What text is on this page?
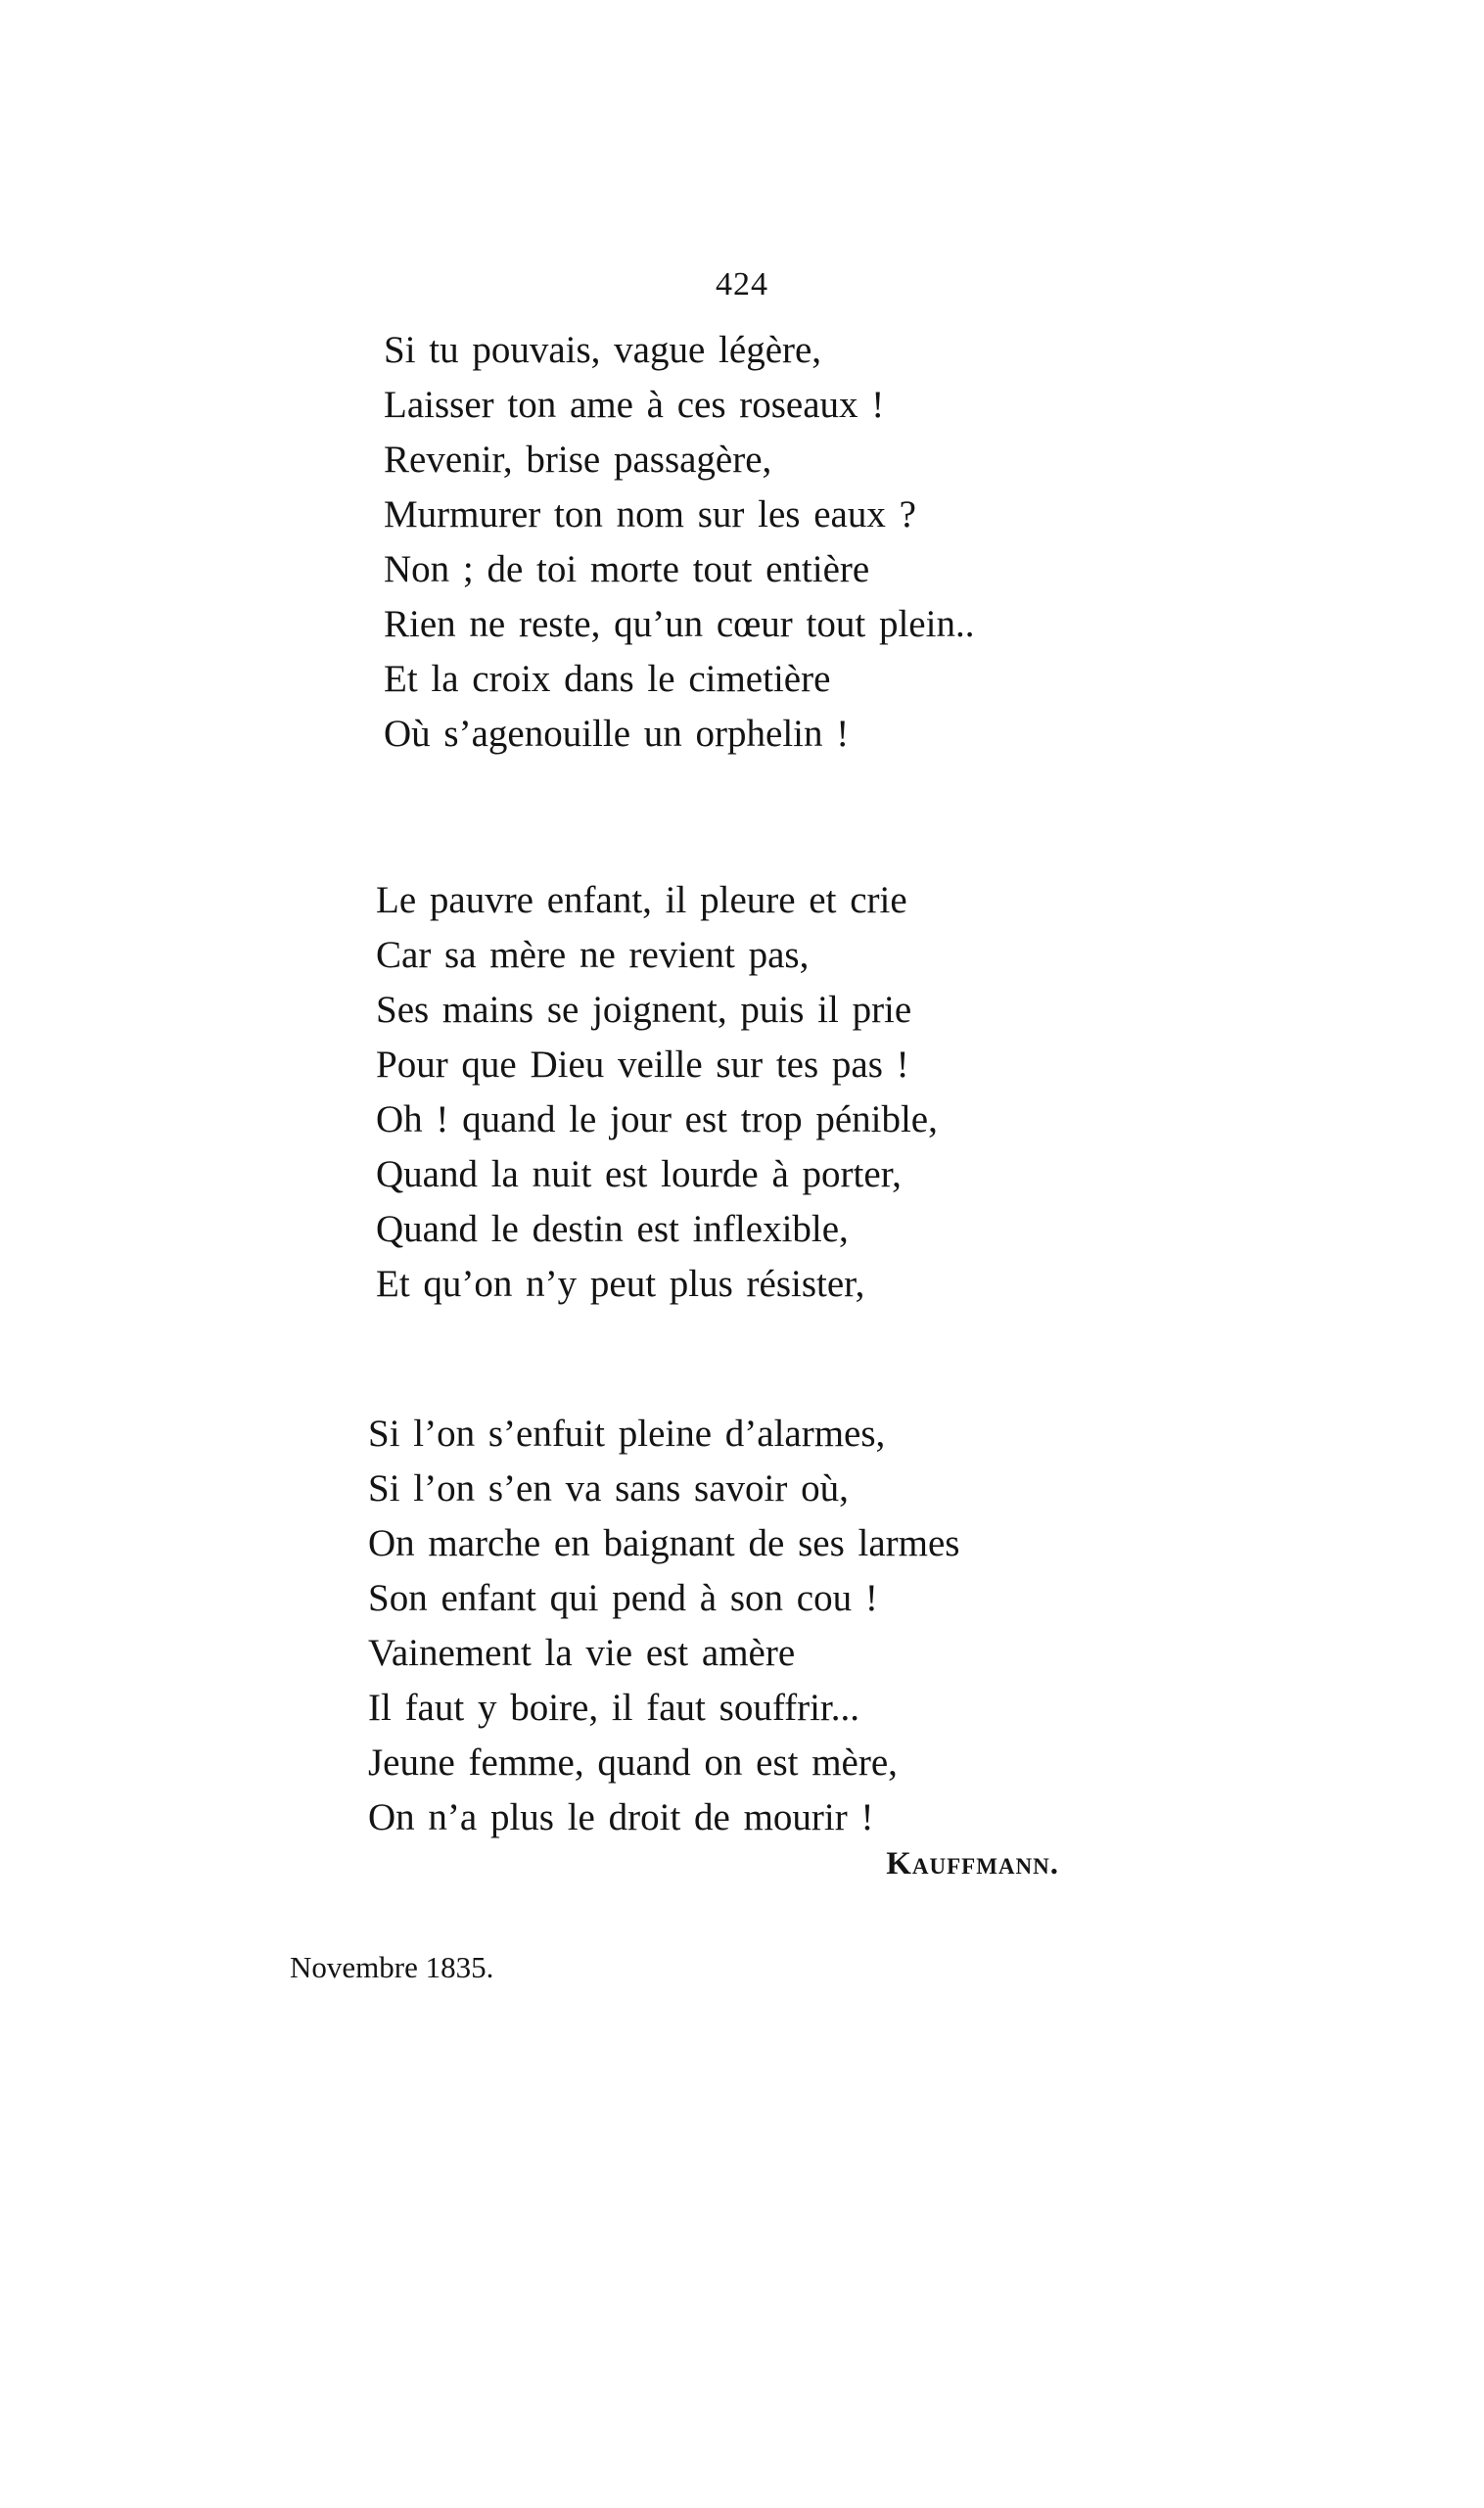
424
Si tu pouvais, vague légère,
Laisser ton ame à ces roseaux !
Revenir, brise passagère,
Murmurer ton nom sur les eaux ?
Non ; de toi morte tout entière
Rien ne reste, qu’un cœur tout plein..
Et la croix dans le cimetière
Où s’agenouille un orphelin !
Le pauvre enfant, il pleure et crie
Car sa mère ne revient pas,
Ses mains se joignent, puis il prie
Pour que Dieu veille sur tes pas !
Oh ! quand le jour est trop pénible,
Quand la nuit est lourde à porter,
Quand le destin est inflexible,
Et qu’on n’y peut plus résister,
Si l’on s’enfuit pleine d’alarmes,
Si l’on s’en va sans savoir où,
On marche en baignant de ses larmes
Son enfant qui pend à son cou !
Vainement la vie est amère
Il faut y boire, il faut souffrir...
Jeune femme, quand on est mère,
On n’a plus le droit de mourir !
Kauffmann.
Novembre 1835.
